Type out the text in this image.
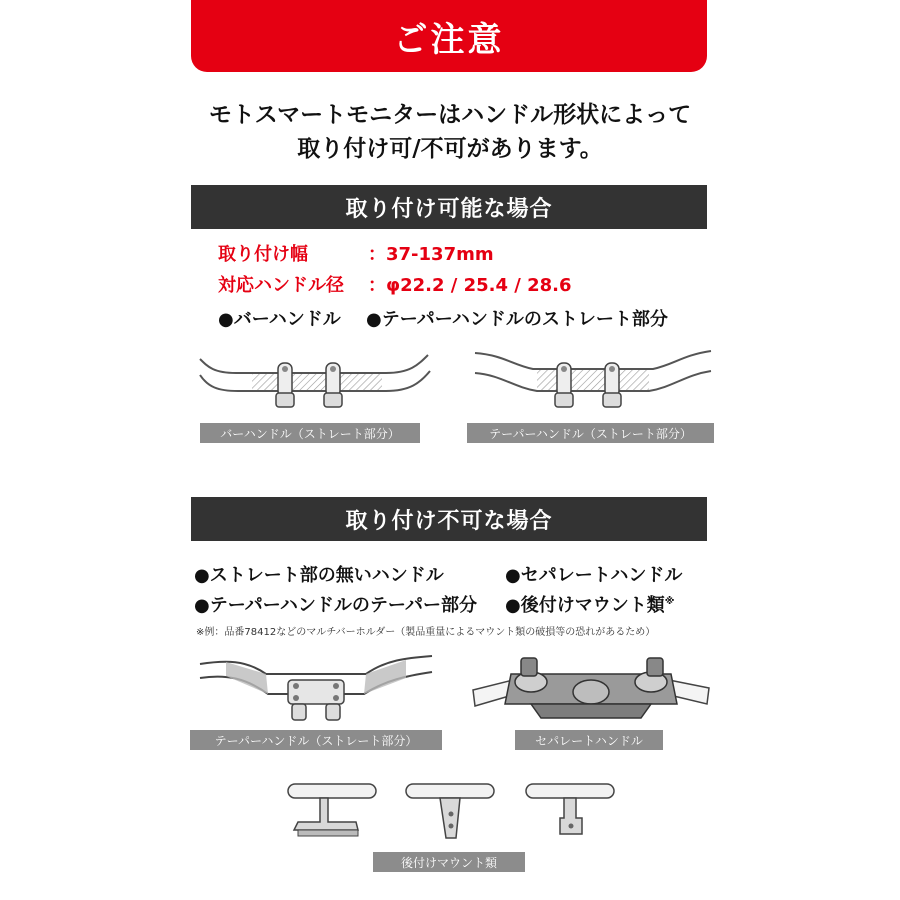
ご注意
モトスマートモニターはハンドル形状によって
取り付け可/不可があります。
取り付け可能な場合
取り付け幅	：37-137mm
対応ハンドル径 ：φ22.2 / 25.4 / 28.6
●バーハンドル ●テーパーハンドルのストレート部分
バーハンドル（ストレート部分）	テーパーハンドル（ストレート部分）
取り付け不可な場合
●ストレート部の無いハンドル	●セパレートハンドル
●テーパーハンドルのテーパー部分 ●後付けマウント類※
※例：品番78412などのマルチバーホルダー（製品重量によるマウント類の破損等の恐れがあるため）
テーパーハンドル（ストレート部分）	セパレートハンドル
後付けマウント類
